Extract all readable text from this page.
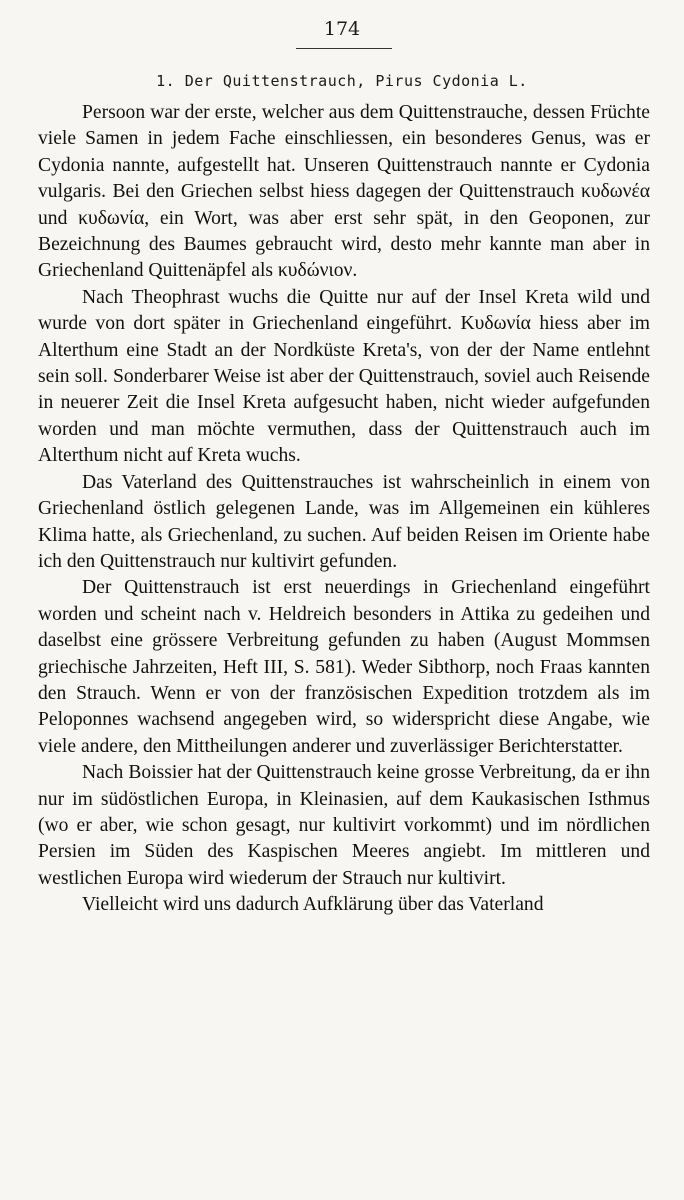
174
1. Der Quittenstrauch, Pirus Cydonia L.

Persoon war der erste, welcher aus dem Quittenstrauche, dessen Früchte viele Samen in jedem Fache einschliessen, ein besonderes Genus, was er Cydonia nannte, aufgestellt hat. Unseren Quittenstrauch nannte er Cydonia vulgaris. Bei den Griechen selbst hiess dagegen der Quittenstrauch κυδωνέα und κυδωνία, ein Wort, was aber erst sehr spät, in den Geoponen, zur Bezeichnung des Baumes gebraucht wird, desto mehr kannte man aber in Griechenland Quittenäpfel als κυδώνιον.

Nach Theophrast wuchs die Quitte nur auf der Insel Kreta wild und wurde von dort später in Griechenland eingeführt. Κυδωνία hiess aber im Alterthum eine Stadt an der Nordküste Kreta's, von der der Name entlehnt sein soll. Sonderbarer Weise ist aber der Quittenstrauch, soviel auch Reisende in neuerer Zeit die Insel Kreta aufgesucht haben, nicht wieder aufgefunden worden und man möchte vermuthen, dass der Quittenstrauch auch im Alterthum nicht auf Kreta wuchs.

Das Vaterland des Quittenstrauches ist wahrscheinlich in einem von Griechenland östlich gelegenen Lande, was im Allgemeinen ein kühleres Klima hatte, als Griechenland, zu suchen. Auf beiden Reisen im Oriente habe ich den Quittenstrauch nur kultivirt gefunden.

Der Quittenstrauch ist erst neuerdings in Griechenland eingeführt worden und scheint nach v. Heldreich besonders in Attika zu gedeihen und daselbst eine grössere Verbreitung gefunden zu haben (August Mommsen griechische Jahrzeiten, Heft III, S. 581). Weder Sibthorp, noch Fraas kannten den Strauch. Wenn er von der französischen Expedition trotzdem als im Peloponnes wachsend angegeben wird, so widerspricht diese Angabe, wie viele andere, den Mittheilungen anderer und zuverlässiger Berichterstatter.

Nach Boissier hat der Quittenstrauch keine grosse Verbreitung, da er ihn nur im südöstlichen Europa, in Kleinasien, auf dem Kaukasischen Isthmus (wo er aber, wie schon gesagt, nur kultivirt vorkommt) und im nördlichen Persien im Süden des Kaspischen Meeres angiebt. Im mittleren und westlichen Europa wird wiederum der Strauch nur kultivirt.

Vielleicht wird uns dadurch Aufklärung über das Vaterland
